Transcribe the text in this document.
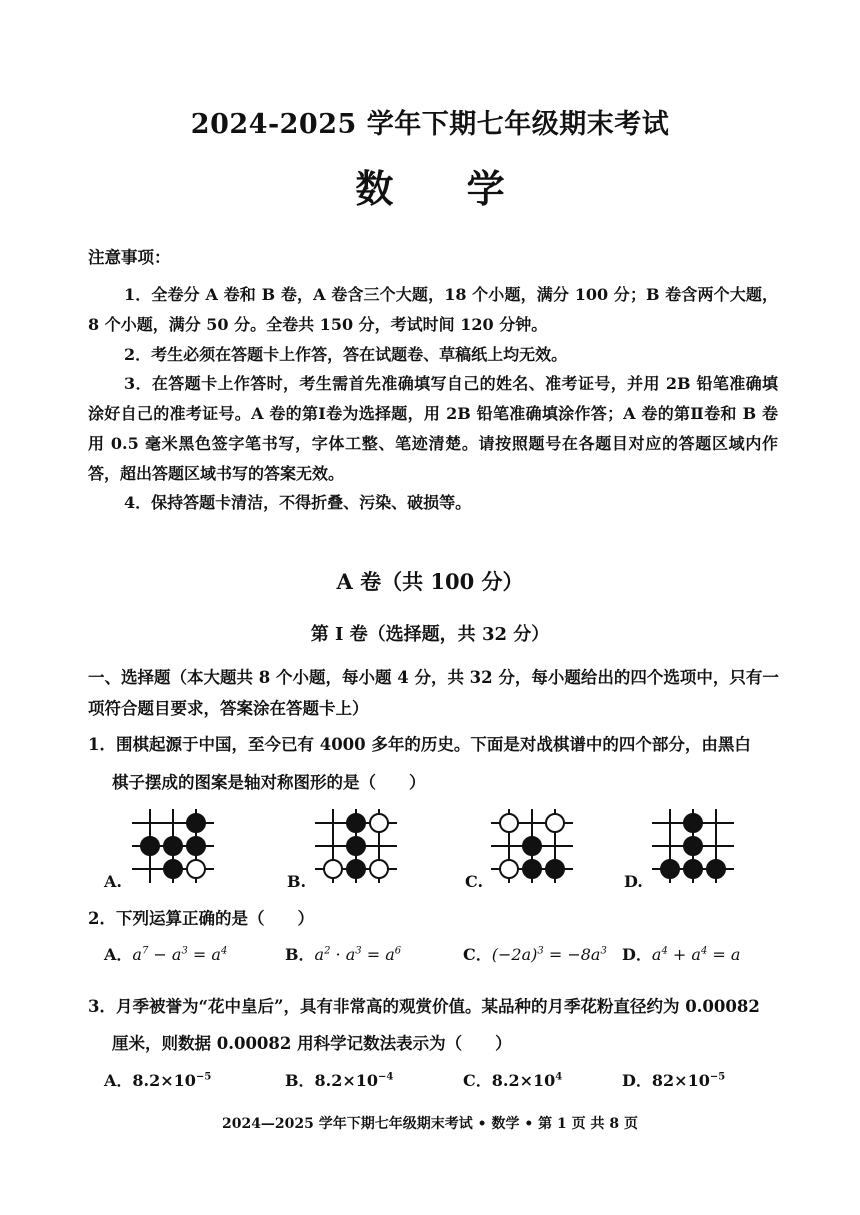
2024-2025 学年下期七年级期末考试
数 学
注意事项：
1．全卷分 A 卷和 B 卷，A 卷含三个大题，18 个小题，满分 100 分；B 卷含两个大题，8 个小题，满分 50 分。全卷共 150 分，考试时间 120 分钟。
2．考生必须在答题卡上作答，答在试题卷、草稿纸上均无效。
3．在答题卡上作答时，考生需首先准确填写自己的姓名、准考证号，并用 2B 铅笔准确填涂好自己的准考证号。A 卷的第Ⅰ卷为选择题，用 2B 铅笔准确填涂作答；A 卷的第Ⅱ卷和 B 卷用 0.5 毫米黑色签字笔书写，字体工整、笔迹清楚。请按照题号在各题目对应的答题区域内作答，超出答题区域书写的答案无效。
4．保持答题卡清洁，不得折叠、污染、破损等。
A 卷（共 100 分）
第 Ⅰ 卷（选择题，共 32 分）
一、选择题（本大题共 8 个小题，每小题 4 分，共 32 分，每小题给出的四个选项中，只有一项符合题目要求，答案涂在答题卡上）
1．围棋起源于中国，至今已有 4000 多年的历史。下面是对战棋谱中的四个部分，由黑白
棋子摆成的图案是轴对称图形的是（　　）
A.	B.	C.	D.
2．下列运算正确的是（　　）
A．$a^7 - a^3 = a^4$	B．$a^2 \cdot a^3 = a^6$	C．$(-2a)^3 = -8a^3$ D．$a^4 + a^4 = a$
3．月季被誉为“花中皇后”，具有非常高的观赏价值。某品种的月季花粉直径约为 0.00082
厘米，则数据 0.00082 用科学记数法表示为（　　）
A．$8.2\times 10^{-5}$	B．$8.2\times 10^{-4}$	C．$8.2\times 10^4$	D．$82\times 10^{-5}$
2024—2025 学年下期七年级期末考试 • 数学 • 第 1 页 共 8 页
